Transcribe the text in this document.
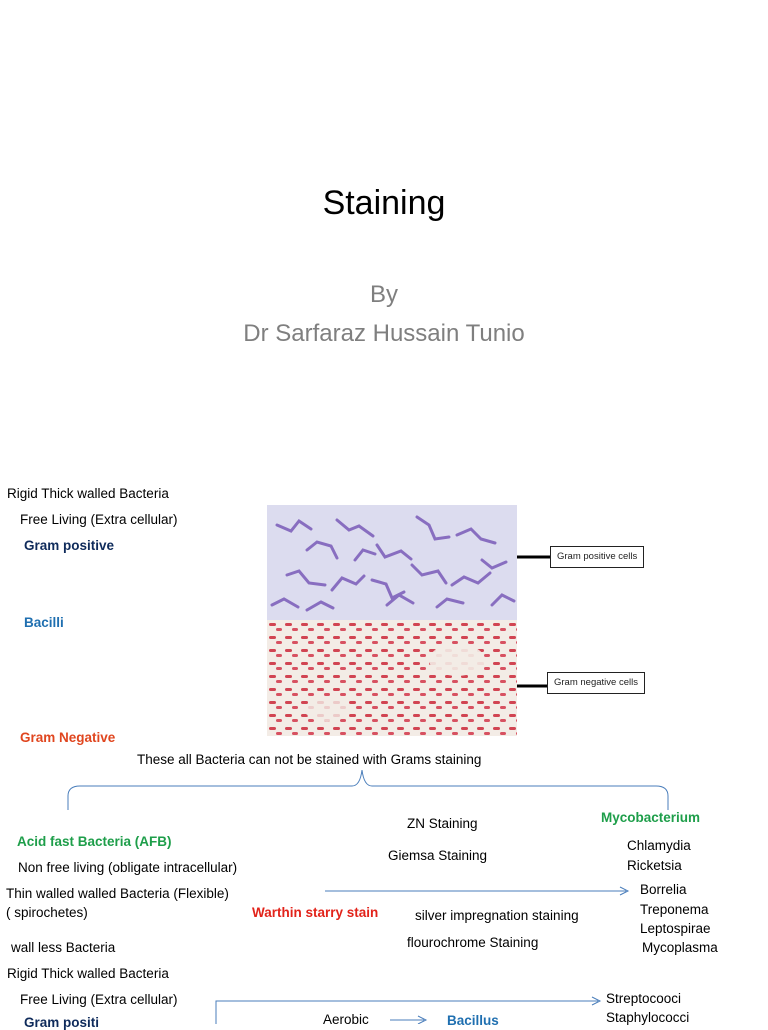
Staining
By
Dr Sarfaraz Hussain Tunio
Rigid Thick walled Bacteria
Free Living (Extra cellular)
Gram positive
Bacilli
Gram Negative
Gram positive cells
Gram negative cells
These all Bacteria can not be stained with Grams staining
Acid fast Bacteria (AFB)
Non free living (obligate intracellular)
Thin walled walled Bacteria (Flexible)
( spirochetes)
wall less Bacteria
ZN Staining
Giemsa Staining
Warthin starry stain	silver impregnation staining
flourochrome Staining
Mycobacterium
Chlamydia
Ricketsia
Borrelia
Treponema
Leptospirae
Mycoplasma
Rigid Thick walled Bacteria
Free Living (Extra cellular)
Gram positi	Aerobic	Bacillus
Streptocooci
Staphylococci
